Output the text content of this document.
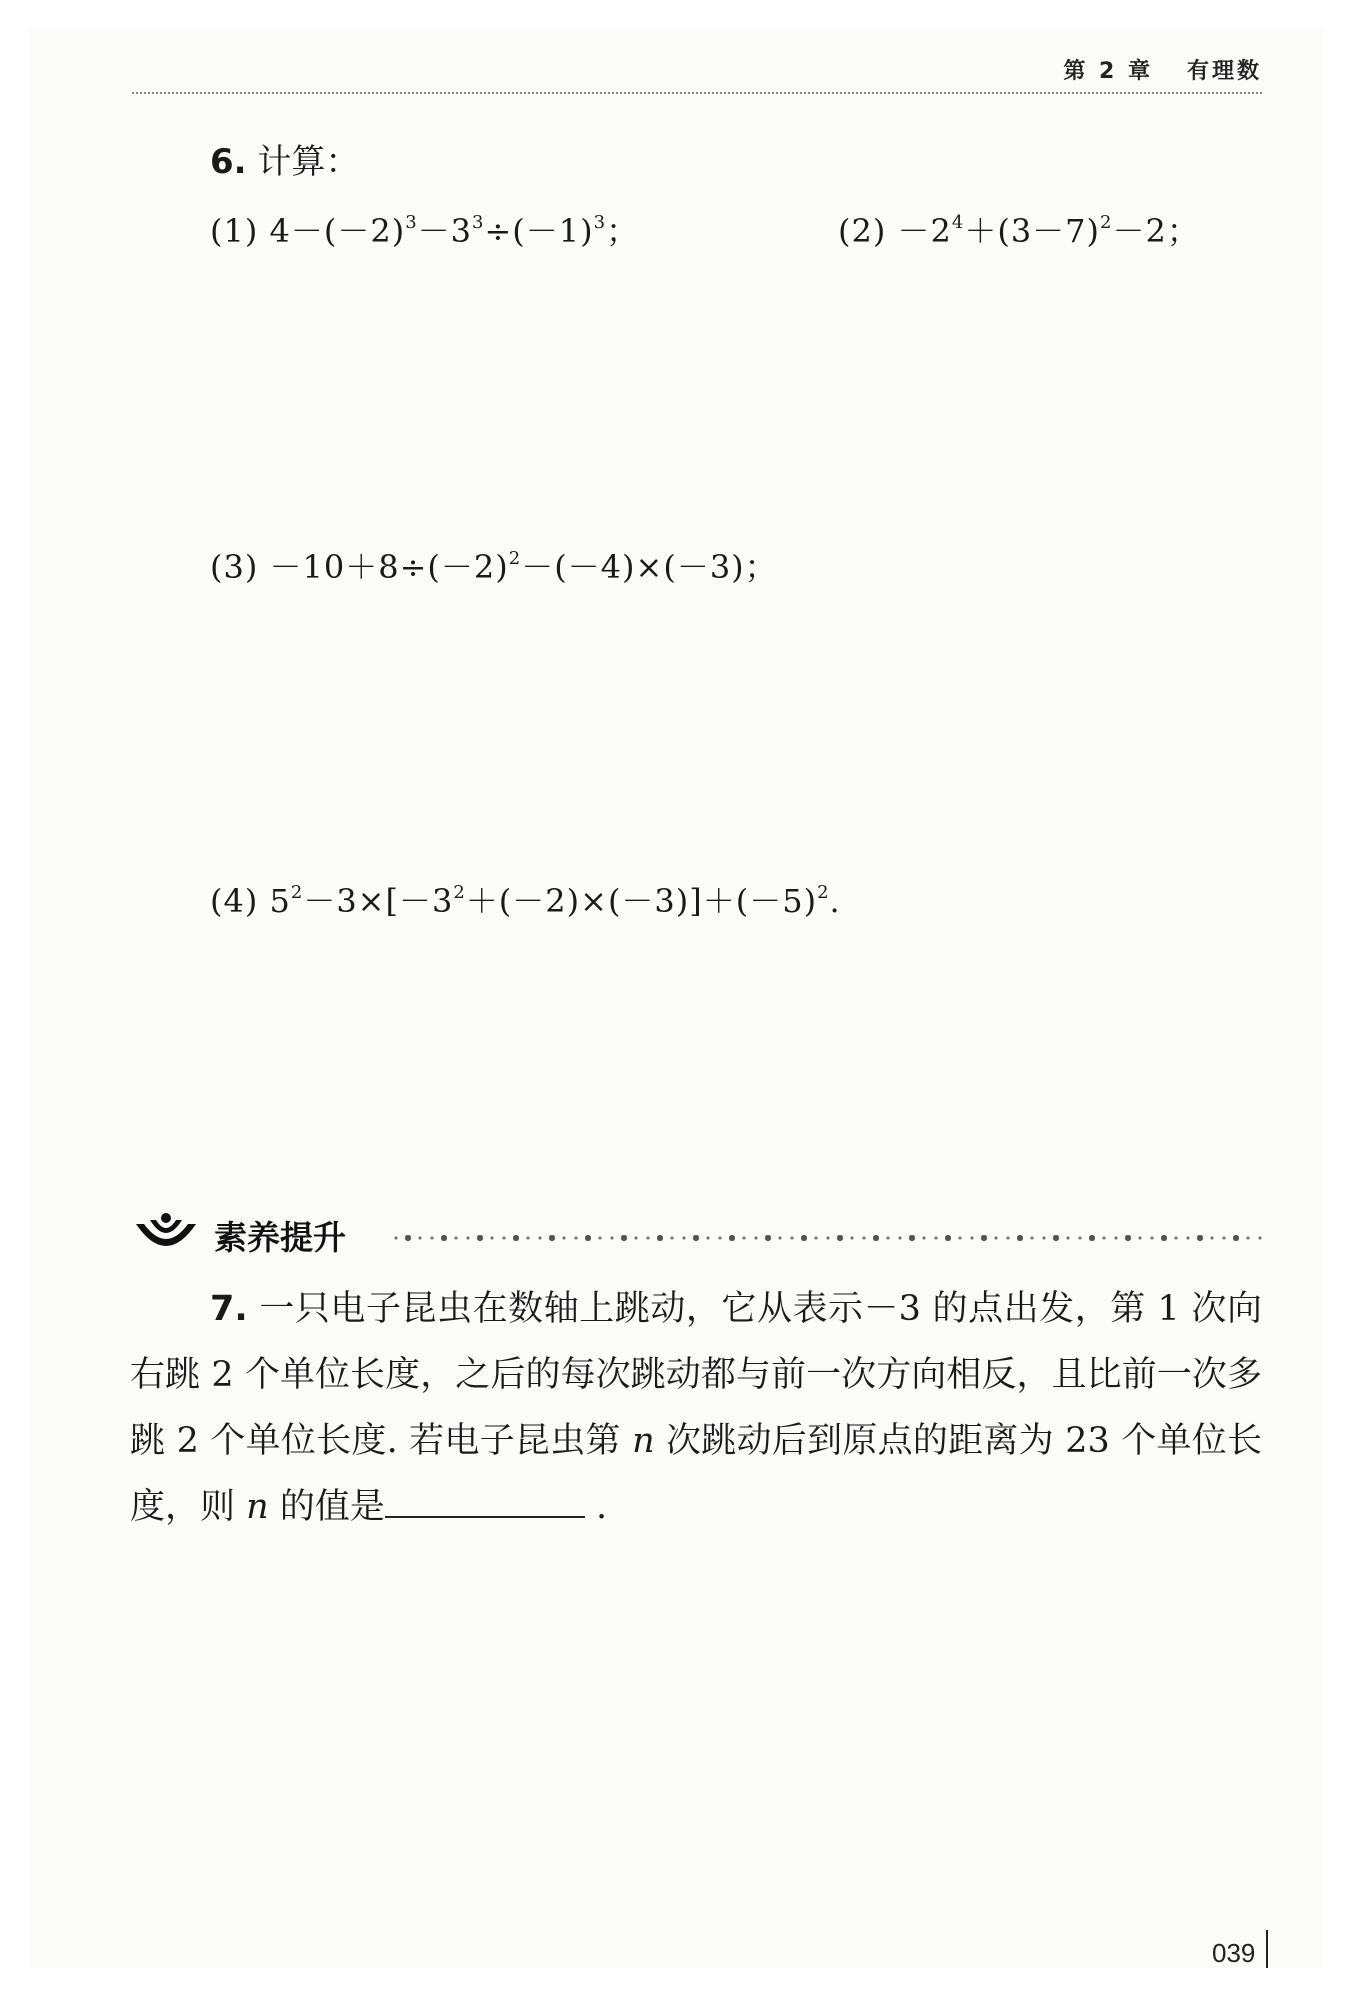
第 2 章 有理数
6. 计算：
(1) $4-(-2)^3-3^3\div(-1)^3$；	$(2) -2^4+(3-7)^2-2$；
$(3) -10+8\div(-2)^2-(-4)\times(-3)$；
(4) $5^2-3\times[-3^2+(-2)\times(-3)]+(-5)^2$.
素养提升
7. 一只电子昆虫在数轴上跳动，它从表示－3 的点出发，第 1 次向右跳 2 个单位长度，之后的每次跳动都与前一次方向相反，且比前一次多跳 2 个单位长度. 若电子昆虫第 n 次跳动后到原点的距离为 23 个单位长度，则 n 的值是	.
039
